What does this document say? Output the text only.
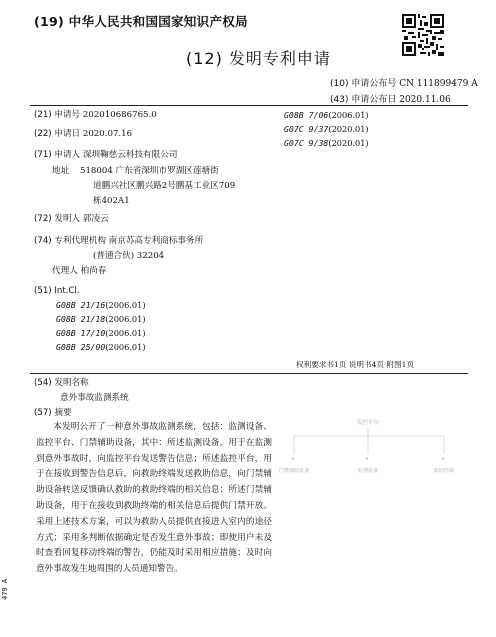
(19) 中华人民共和国国家知识产权局
(12) 发明专利申请
(10) 申请公布号 CN 111899479 A
(43) 申请公布日 2020.11.06
(21) 申请号 202010686765.0
(22) 申请日 2020.07.16
(71) 申请人 深圳鞠慈云科技有限公司
地址 518004 广东省深圳市罗湖区莲塘街
道鹏兴社区鹏兴路2号鹏基工业区709
栋402A1
(72) 发明人 郭凌云
(74) 专利代理机构 南京苏高专利商标事务所
(普通合伙) 32204
代理人 柏尚春
(51) Int.Cl.
G08B 21/16(2006.01)
G08B 21/18(2006.01)
G08B 17/10(2006.01)
G08B 25/00(2006.01)
G08B 7/06(2006.01)
G07C 9/37(2020.01)
G07C 9/38(2020.01)
权利要求书1页 说明书4页 附图1页
(54) 发明名称
意外事故监测系统
(57) 摘要
本发明公开了一种意外事故监测系统，包括：监测设备、监控平台、门禁辅助设备，其中：所述监测设备，用于在监测到意外事故时，向监控平台发送警告信息；所述监控平台，用于在接收到警告信息后，向救助终端发送救助信息，向门禁辅助设备转送反馈确认救助的救助终端的相关信息；所述门禁辅助设备，用于在接收到救助终端的相关信息后提供门禁开放。采用上述技术方案，可以为救助人员提供直接进入室内的途径方式；采用多判断依据确定是否发生意外事故；即使用户未及时查看回复移动终端的警告，仍能及时采用相应措施；及时向意外事故发生地周围的人员通知警告。
监控平台
▾	▾	▾
门禁辅助设备	监测设备	救助终端
479 A
